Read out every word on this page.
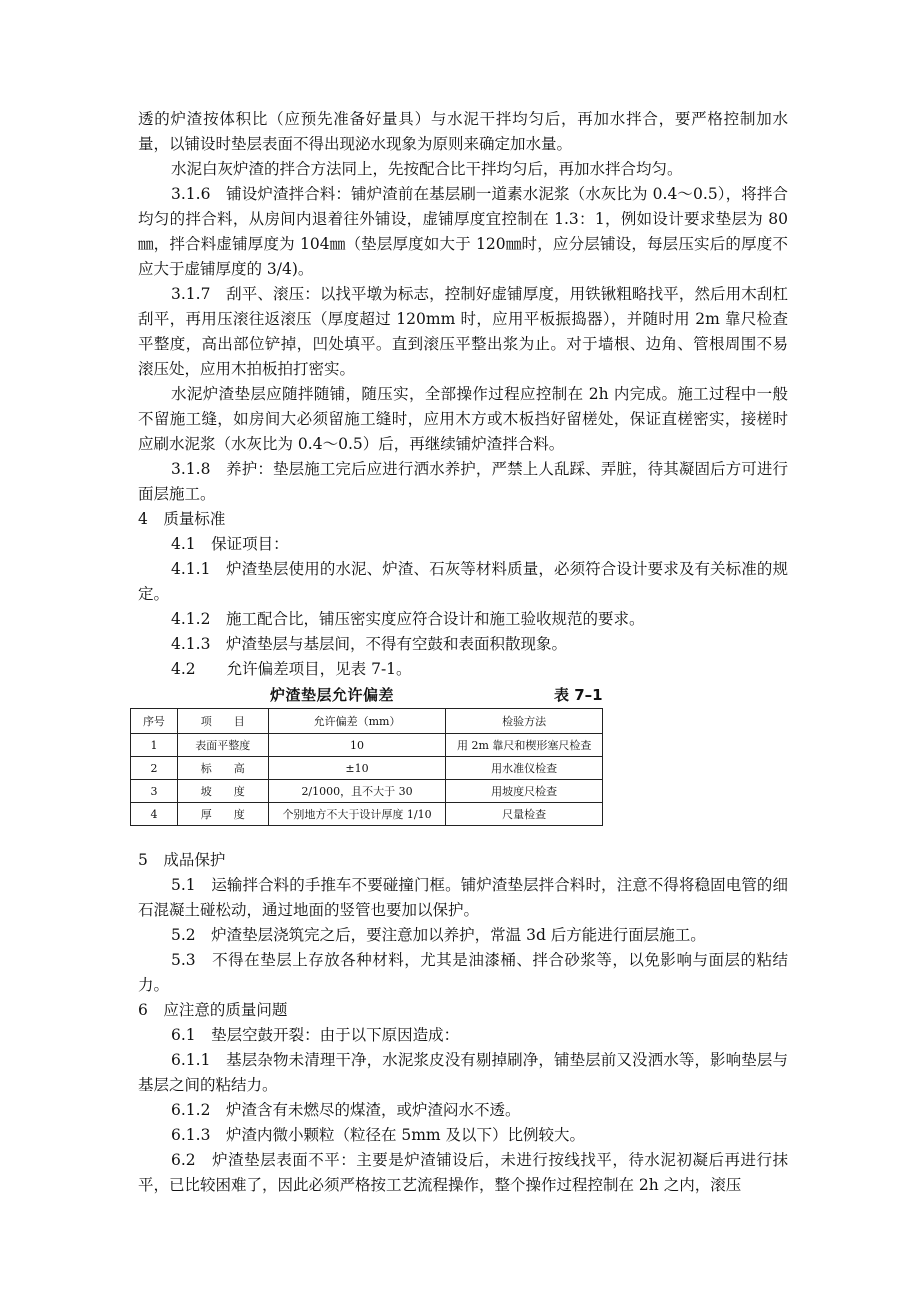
透的炉渣按体积比（应预先准备好量具）与水泥干拌均匀后，再加水拌合，要严格控制加水量，以铺设时垫层表面不得出现泌水现象为原则来确定加水量。

水泥白灰炉渣的拌合方法同上，先按配合比干拌均匀后，再加水拌合均匀。

3.1.6　铺设炉渣拌合料：铺炉渣前在基层刷一道素水泥浆（水灰比为 0.4～0.5），将拌合均匀的拌合料，从房间内退着往外铺设，虚铺厚度宜控制在 1.3：1，例如设计要求垫层为 80㎜，拌合料虚铺厚度为 104㎜（垫层厚度如大于 120㎜时，应分层铺设，每层压实后的厚度不应大于虚铺厚度的 3/4)。

3.1.7　刮平、滚压：以找平墩为标志，控制好虚铺厚度，用铁锹粗略找平，然后用木刮杠刮平，再用压滚往返滚压（厚度超过 120mm 时，应用平板振捣器），并随时用 2m 靠尺检查平整度，高出部位铲掉，凹处填平。直到滚压平整出浆为止。对于墙根、边角、管根周围不易滚压处，应用木拍板拍打密实。

水泥炉渣垫层应随拌随铺，随压实，全部操作过程应控制在 2h 内完成。施工过程中一般不留施工缝，如房间大必须留施工缝时，应用木方或木板挡好留槎处，保证直槎密实，接槎时应刷水泥浆（水灰比为 0.4～0.5）后，再继续铺炉渣拌合料。

3.1.8　养护：垫层施工完后应进行洒水养护，严禁上人乱踩、弄脏，待其凝固后方可进行面层施工。

4　质量标准

4.1　保证项目：

4.1.1　炉渣垫层使用的水泥、炉渣、石灰等材料质量，必须符合设计要求及有关标准的规定。

4.1.2　施工配合比，铺压密实度应符合设计和施工验收规范的要求。

4.1.3　炉渣垫层与基层间，不得有空鼓和表面积散现象。

4.2　　允许偏差项目，见表 7-1。

炉渣垫层允许偏差	表 7–1
序号	项　　目	允许偏差（mm）	检验方法
1	表面平整度	10	用 2m 靠尺和楔形塞尺检查
2	标　　高	±10	用水准仪检查
3	坡　　度	2/1000，且不大于 30	用坡度尺检查
4	厚　　度	个别地方不大于设计厚度 1/10	尺量检查

5　成品保护

5.1　运输拌合料的手推车不要碰撞门框。铺炉渣垫层拌合料时，注意不得将稳固电管的细石混凝土碰松动，通过地面的竖管也要加以保护。

5.2　炉渣垫层浇筑完之后，要注意加以养护，常温 3d 后方能进行面层施工。

5.3　不得在垫层上存放各种材料，尤其是油漆桶、拌合砂浆等，以免影响与面层的粘结力。

6　应注意的质量问题

6.1　垫层空鼓开裂：由于以下原因造成：

6.1.1　基层杂物未清理干净，水泥浆皮没有剔掉刷净，铺垫层前又没洒水等，影响垫层与基层之间的粘结力。

6.1.2　炉渣含有未燃尽的煤渣，或炉渣闷水不透。

6.1.3　炉渣内微小颗粒（粒径在 5mm 及以下）比例较大。

6.2　炉渣垫层表面不平：主要是炉渣铺设后，未进行按线找平，待水泥初凝后再进行抹平，已比较困难了，因此必须严格按工艺流程操作，整个操作过程控制在 2h 之内，滚压
